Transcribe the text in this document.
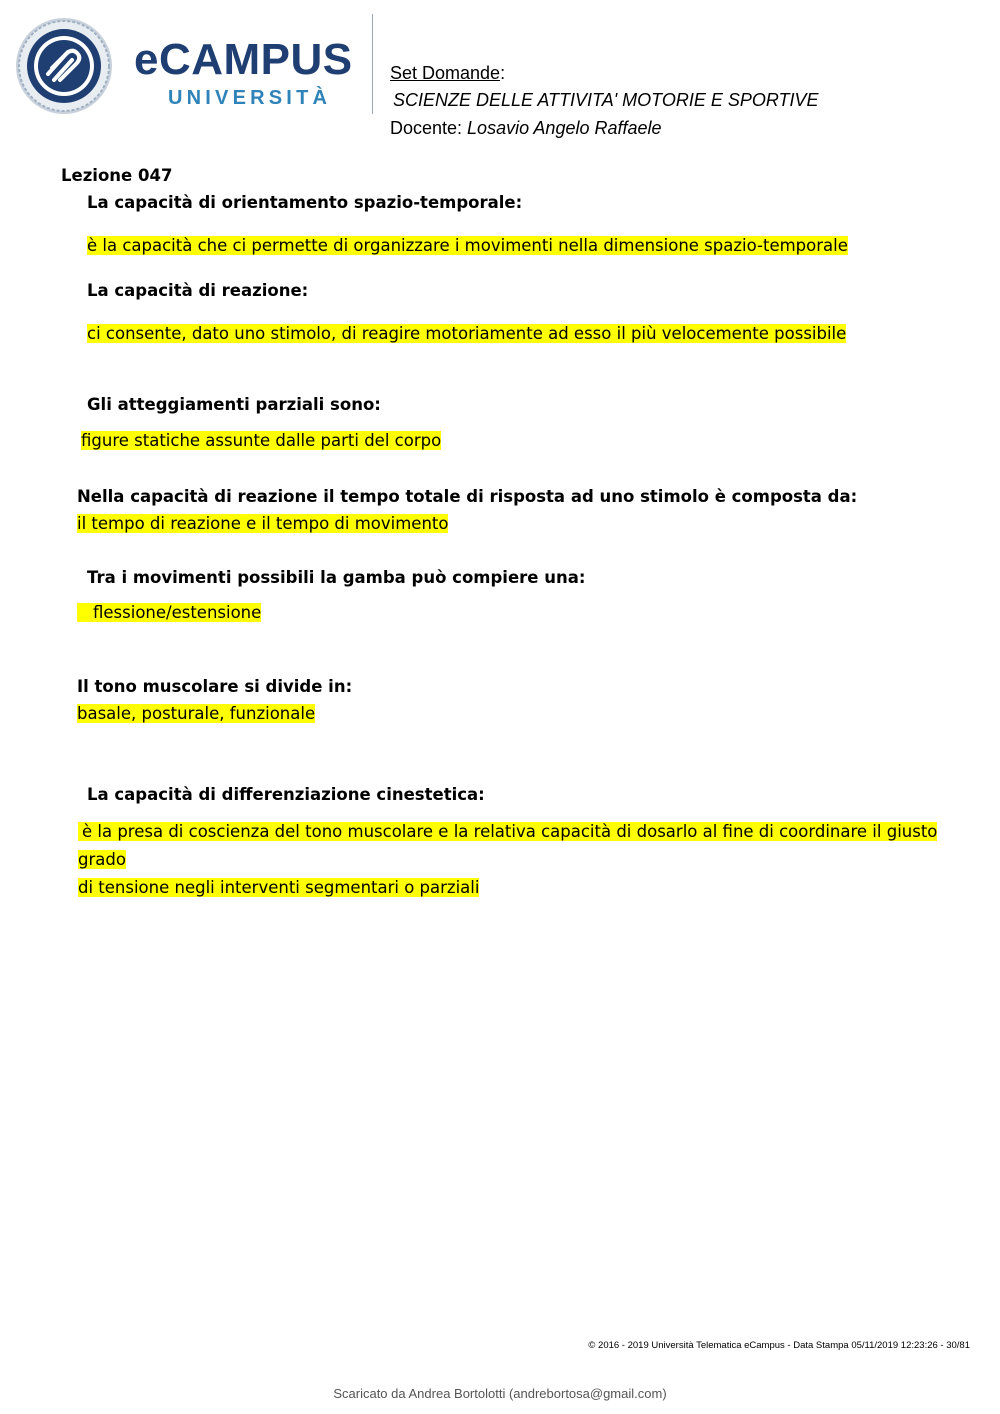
eCAMPUS
UNIVERSITÀ
Set Domande:
SCIENZE DELLE ATTIVITA' MOTORIE E SPORTIVE
Docente: Losavio Angelo Raffaele
Lezione 047
La capacità di orientamento spazio-temporale:
è la capacità che ci permette di organizzare i movimenti nella dimensione spazio-temporale
La capacità di reazione:
ci consente, dato uno stimolo, di reagire motoriamente ad esso il più velocemente possibile
Gli atteggiamenti parziali sono:
figure statiche assunte dalle parti del corpo
Nella capacità di reazione il tempo totale di risposta ad uno stimolo è composta da:
il tempo di reazione e il tempo di movimento
Tra i movimenti possibili la gamba può compiere una:
flessione/estensione
Il tono muscolare si divide in:
basale, posturale, funzionale
La capacità di differenziazione cinestetica:
è la presa di coscienza del tono muscolare e la relativa capacità di dosarlo al fine di coordinare il giusto grado
di tensione negli interventi segmentari o parziali
© 2016 - 2019 Università Telematica eCampus - Data Stampa 05/11/2019 12:23:26 - 30/81
Scaricato da Andrea Bortolotti (andrebortosa@gmail.com)
